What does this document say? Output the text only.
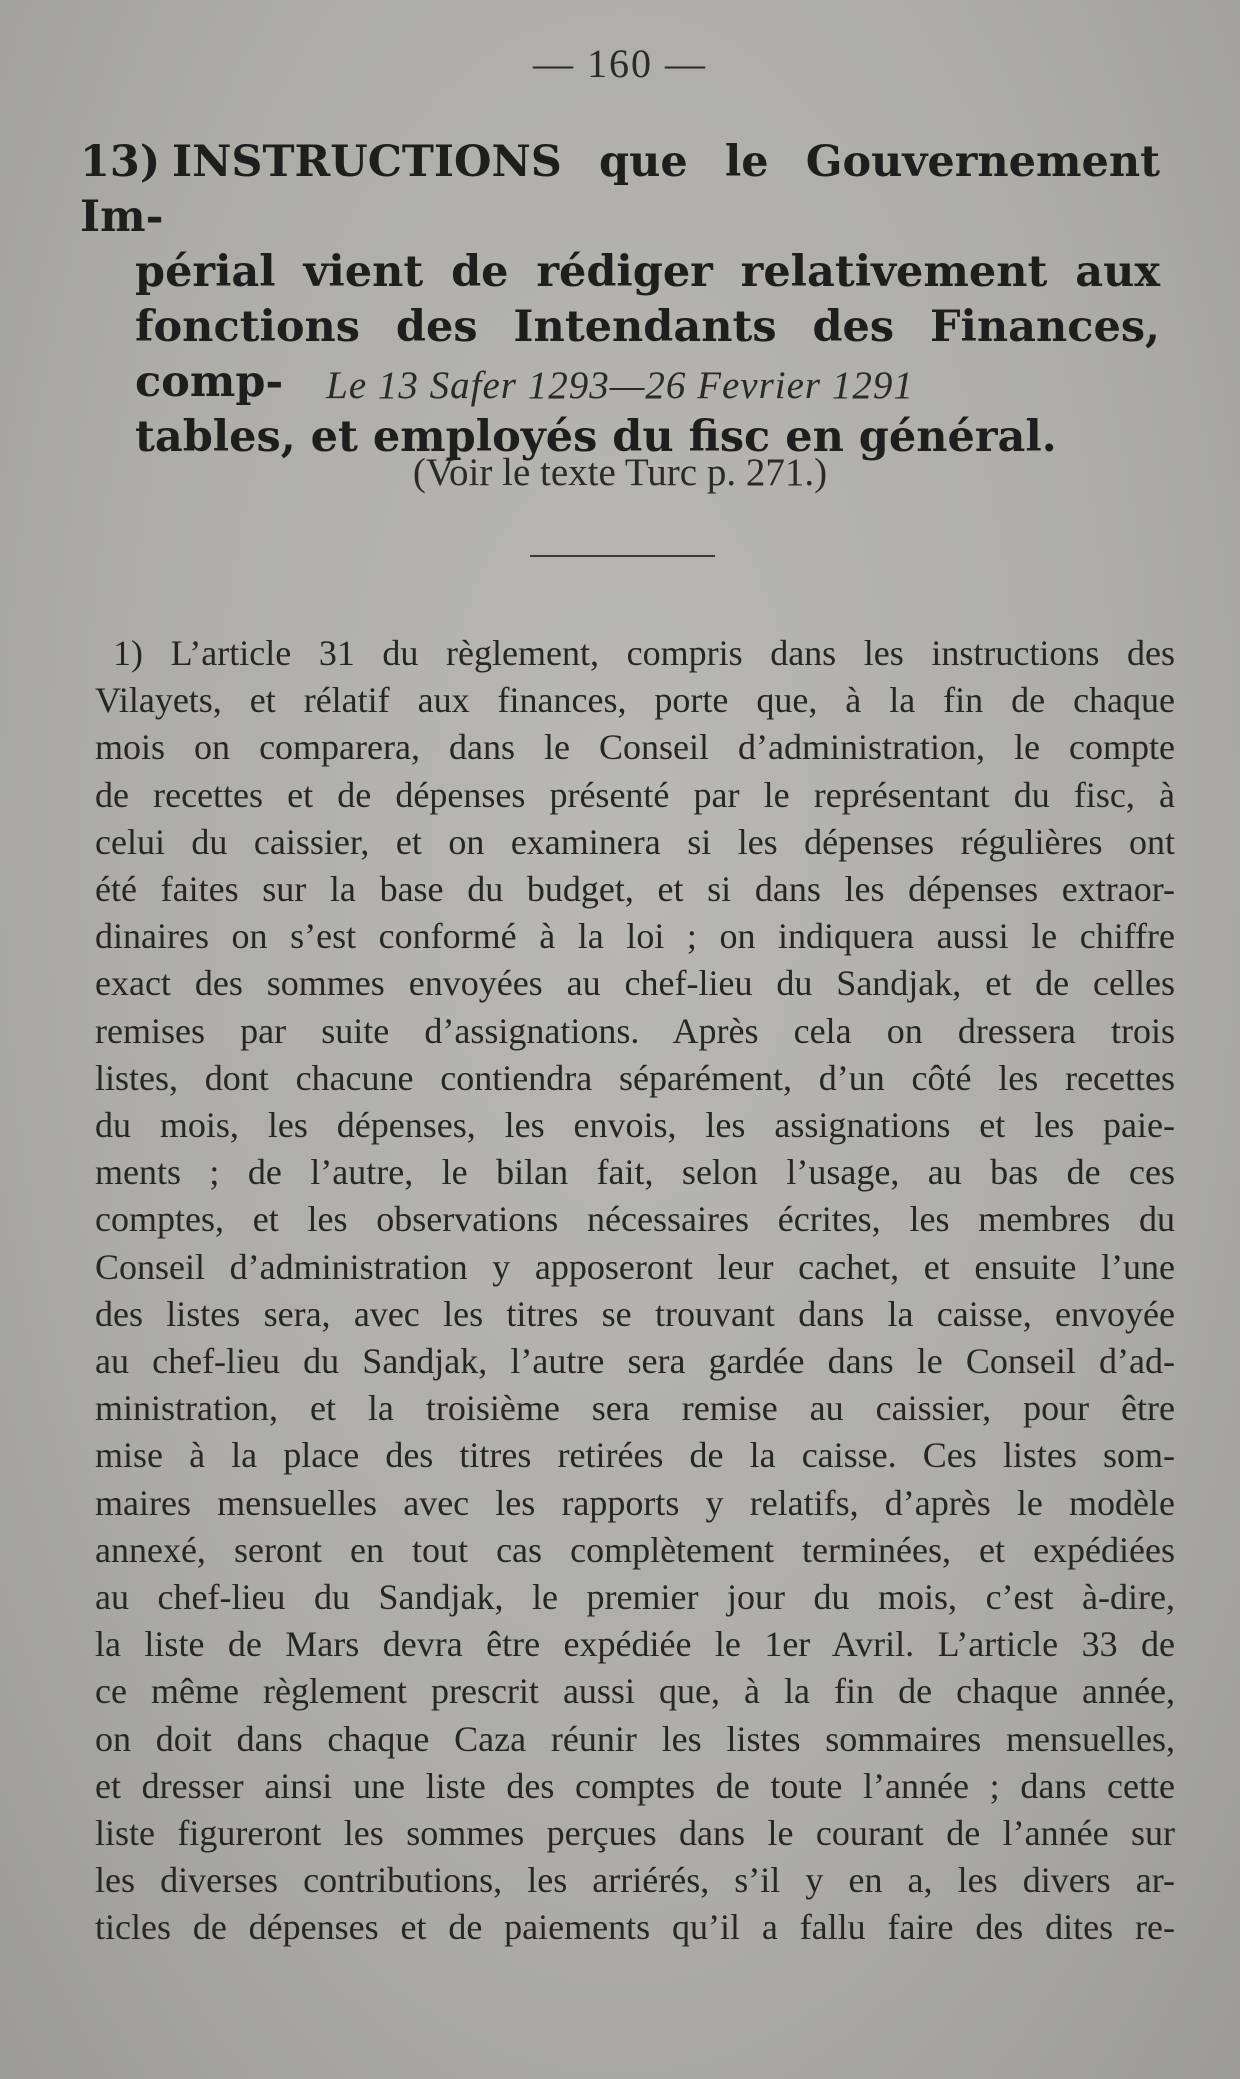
— 160 —
13) INSTRUCTIONS que le Gouvernement Im-
périal vient de rédiger relativement aux
fonctions des Intendants des Finances, comp-
tables, et employés du fisc en général.
Le 13 Safer 1293—26 Fevrier 1291
(Voir le texte Turc p. 271.)
1) L’article 31 du règlement, compris dans les instructions des
Vilayets, et rélatif aux finances, porte que, à la fin de chaque
mois on comparera, dans le Conseil d’administration, le compte
de recettes et de dépenses présenté par le représentant du fisc, à
celui du caissier, et on examinera si les dépenses régulières ont
été faites sur la base du budget, et si dans les dépenses extraor-
dinaires on s’est conformé à la loi ; on indiquera aussi le chiffre
exact des sommes envoyées au chef-lieu du Sandjak, et de celles
remises par suite d’assignations. Après cela on dressera trois
listes, dont chacune contiendra séparément, d’un côté les recettes
du mois, les dépenses, les envois, les assignations et les paie-
ments ; de l’autre, le bilan fait, selon l’usage, au bas de ces
comptes, et les observations nécessaires écrites, les membres du
Conseil d’administration y apposeront leur cachet, et ensuite l’une
des listes sera, avec les titres se trouvant dans la caisse, envoyée
au chef-lieu du Sandjak, l’autre sera gardée dans le Conseil d’ad-
ministration, et la troisième sera remise au caissier, pour être
mise à la place des titres retirées de la caisse. Ces listes som-
maires mensuelles avec les rapports y relatifs, d’après le modèle
annexé, seront en tout cas complètement terminées, et expédiées
au chef-lieu du Sandjak, le premier jour du mois, c’est à-dire,
la liste de Mars devra être expédiée le 1er Avril. L’article 33 de
ce même règlement prescrit aussi que, à la fin de chaque année,
on doit dans chaque Caza réunir les listes sommaires mensuelles,
et dresser ainsi une liste des comptes de toute l’année ; dans cette
liste figureront les sommes perçues dans le courant de l’année sur
les diverses contributions, les arriérés, s’il y en a, les divers ar-
ticles de dépenses et de paiements qu’il a fallu faire des dites re-
